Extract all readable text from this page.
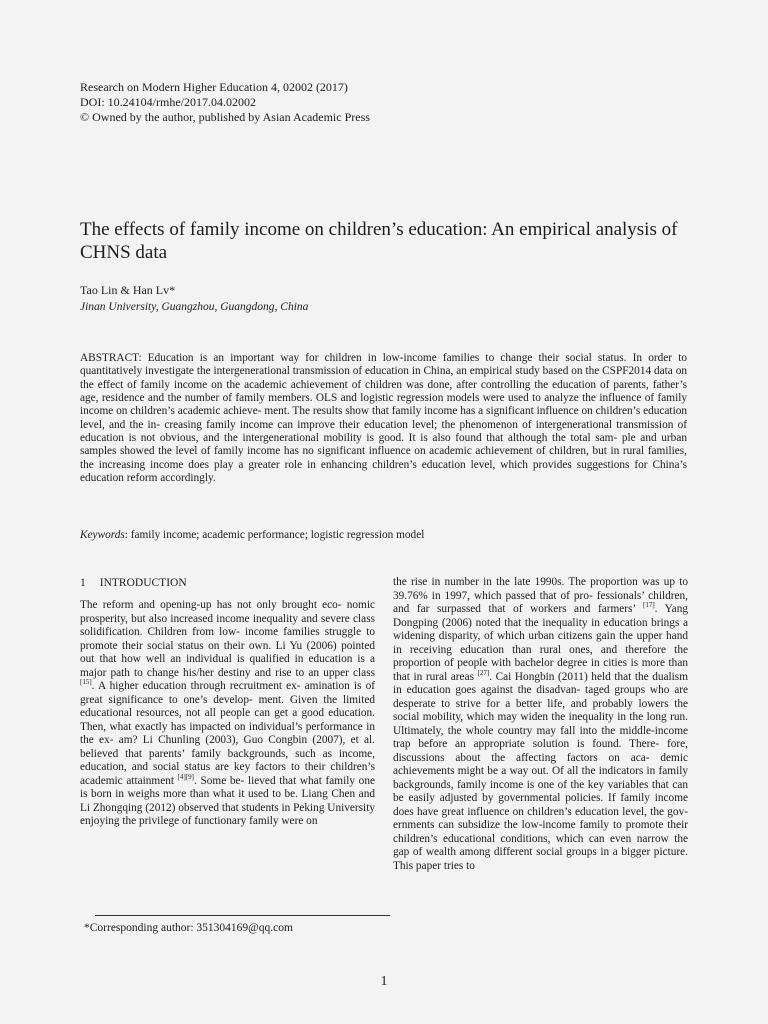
Research on Modern Higher Education 4, 02002 (2017)
DOI: 10.24104/rmhe/2017.04.02002
© Owned by the author, published by Asian Academic Press
The effects of family income on children’s education: An empirical analysis of CHNS data
Tao Lin & Han Lv*
Jinan University, Guangzhou, Guangdong, China

ABSTRACT: Education is an important way for children in low-income families to change their social status. In order to quantitatively investigate the intergenerational transmission of education in China, an empirical study based on the CSPF2014 data on the effect of family income on the academic achievement of children was done, after controlling the education of parents, father’s age, residence and the number of family members. OLS and logistic regression models were used to analyze the influence of family income on children’s academic achieve- ment. The results show that family income has a significant influence on children’s education level, and the in- creasing family income can improve their education level; the phenomenon of intergenerational transmission of education is not obvious, and the intergenerational mobility is good. It is also found that although the total sam- ple and urban samples showed the level of family income has no significant influence on academic achievement of children, but in rural families, the increasing income does play a greater role in enhancing children’s education level, which provides suggestions for China’s education reform accordingly.

Keywords: family income; academic performance; logistic regression model
1 INTRODUCTION

The reform and opening-up has not only brought eco- nomic prosperity, but also increased income inequality and severe class solidification. Children from low- income families struggle to promote their social status on their own. Li Yu (2006) pointed out that how well an individual is qualified in education is a major path to change his/her destiny and rise to an upper class [15]. A higher education through recruitment ex- amination is of great significance to one’s develop- ment. Given the limited educational resources, not all people can get a good education. Then, what exactly has impacted on individual’s performance in the ex- am? Li Chunling (2003), Guo Congbin (2007), et al. believed that parents’ family backgrounds, such as income, education, and social status are key factors to their children’s academic attainment [4][9]. Some be- lieved that what family one is born in weighs more than what it used to be. Liang Chen and Li Zhongqing (2012) observed that students in Peking University enjoying the privilege of functionary family were on

the rise in number in the late 1990s. The proportion was up to 39.76% in 1997, which passed that of pro- fessionals’ children, and far surpassed that of workers and farmers’ [17]. Yang Dongping (2006) noted that the inequality in education brings a widening disparity, of which urban citizens gain the upper hand in receiving education than rural ones, and therefore the proportion of people with bachelor degree in cities is more than that in rural areas [27]. Cai Hongbin (2011) held that the dualism in education goes against the disadvan- taged groups who are desperate to strive for a better life, and probably lowers the social mobility, which may widen the inequality in the long run. Ultimately, the whole country may fall into the middle-income trap before an appropriate solution is found. There- fore, discussions about the affecting factors on aca- demic achievements might be a way out. Of all the indicators in family backgrounds, family income is one of the key variables that can be easily adjusted by governmental policies. If family income does have great influence on children’s education level, the gov- ernments can subsidize the low-income family to promote their children’s educational conditions, which can even narrow the gap of wealth among different social groups in a bigger picture. This paper tries to

*Corresponding author: 351304169@qq.com
1
